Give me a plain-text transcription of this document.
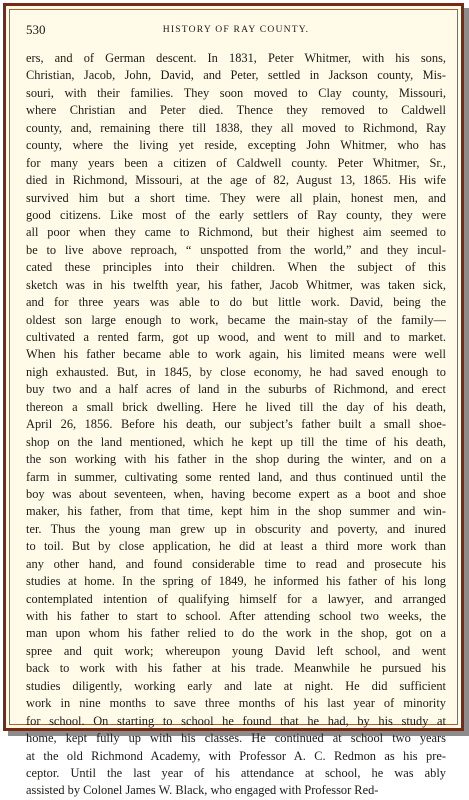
530	HISTORY OF RAY COUNTY.
ers, and of German descent. In 1831, Peter Whitmer, with his sons,
Christian, Jacob, John, David, and Peter, settled in Jackson county, Mis-
souri, with their families. They soon moved to Clay county, Missouri,
where Christian and Peter died. Thence they removed to Caldwell
county, and, remaining there till 1838, they all moved to Richmond, Ray
county, where the living yet reside, excepting John Whitmer, who has
for many years been a citizen of Caldwell county. Peter Whitmer, Sr.,
died in Richmond, Missouri, at the age of 82, August 13, 1865. His wife
survived him but a short time. They were all plain, honest men, and
good citizens. Like most of the early settlers of Ray county, they were
all poor when they came to Richmond, but their highest aim seemed to
be to live above reproach, “ unspotted from the world,” and they incul-
cated these principles into their children. When the subject of this
sketch was in his twelfth year, his father, Jacob Whitmer, was taken sick,
and for three years was able to do but little work. David, being the
oldest son large enough to work, became the main-stay of the family—
cultivated a rented farm, got up wood, and went to mill and to market.
When his father became able to work again, his limited means were well
nigh exhausted. But, in 1845, by close economy, he had saved enough to
buy two and a half acres of land in the suburbs of Richmond, and erect
thereon a small brick dwelling. Here he lived till the day of his death,
April 26, 1856. Before his death, our subject’s father built a small shoe-
shop on the land mentioned, which he kept up till the time of his death,
the son working with his father in the shop during the winter, and on a
farm in summer, cultivating some rented land, and thus continued until the
boy was about seventeen, when, having become expert as a boot and shoe
maker, his father, from that time, kept him in the shop summer and win-
ter. Thus the young man grew up in obscurity and poverty, and inured
to toil. But by close application, he did at least a third more work than
any other hand, and found considerable time to read and prosecute his
studies at home. In the spring of 1849, he informed his father of his long
contemplated intention of qualifying himself for a lawyer, and arranged
with his father to start to school. After attending school two weeks, the
man upon whom his father relied to do the work in the shop, got on a
spree and quit work; whereupon young David left school, and went
back to work with his father at his trade. Meanwhile he pursued his
studies diligently, working early and late at night. He did sufficient
work in nine months to save three months of his last year of minority
for school. On starting to school he found that he had, by his study at
home, kept fully up with his classes. He continued at school two years
at the old Richmond Academy, with Professor A. C. Redmon as his pre-
ceptor. Until the last year of his attendance at school, he was ably
assisted by Colonel James W. Black, who engaged with Professor Red-
